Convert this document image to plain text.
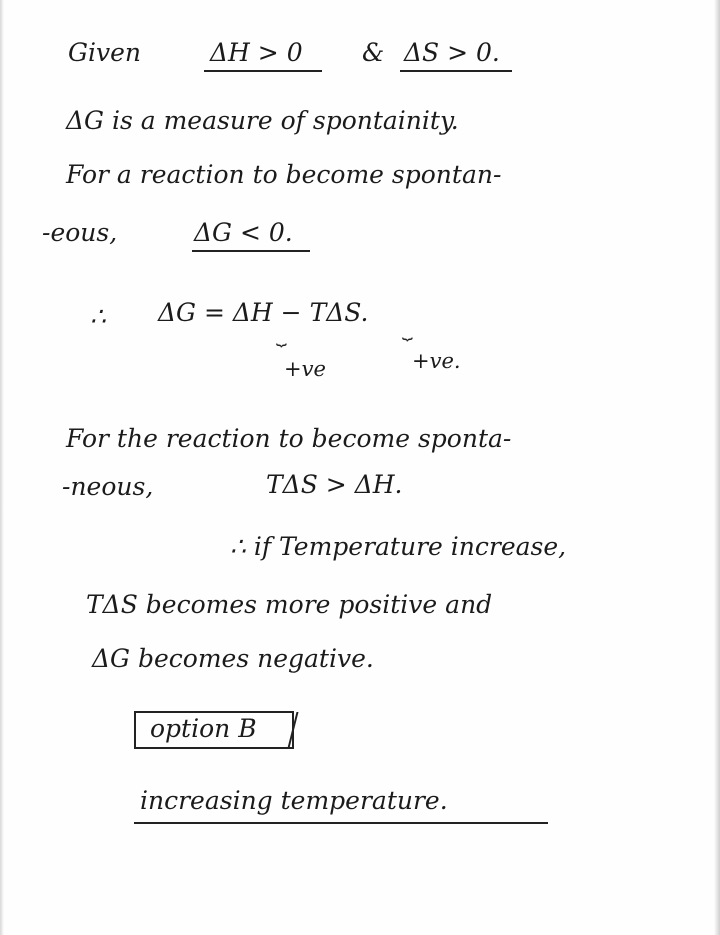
Given	ΔH > 0 & ΔS > 0.
ΔG is a measure of spontainity.
For a reaction to become spontan-
-eous,	ΔG < 0.
∴ ΔG = ΔH − TΔS.
⏟	⏟
+ve	+ve.
For the reaction to become sponta-
-neous,	TΔS > ΔH.
∴ if Temperature increase,
TΔS becomes more positive and
ΔG becomes negative.
option B
increasing temperature.
